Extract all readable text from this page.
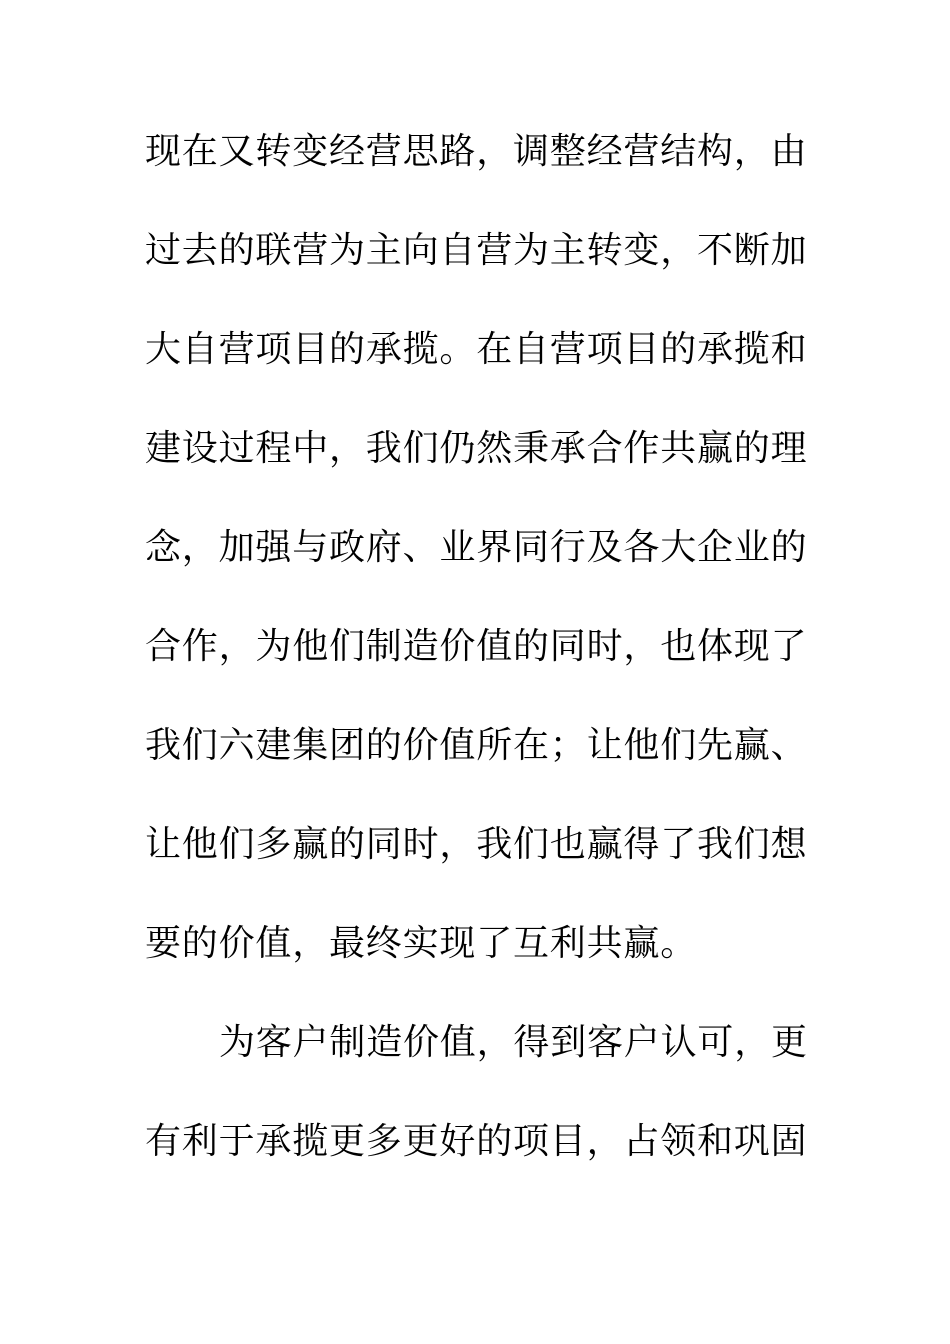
现在又转变经营思路，调整经营结构，由
过去的联营为主向自营为主转变，不断加
大自营项目的承揽。在自营项目的承揽和
建设过程中，我们仍然秉承合作共赢的理
念，加强与政府、业界同行及各大企业的
合作，为他们制造价值的同时，也体现了
我们六建集团的价值所在；让他们先赢、
让他们多赢的同时，我们也赢得了我们想
要的价值，最终实现了互利共赢。
为客户制造价值，得到客户认可，更
有利于承揽更多更好的项目，占领和巩固
